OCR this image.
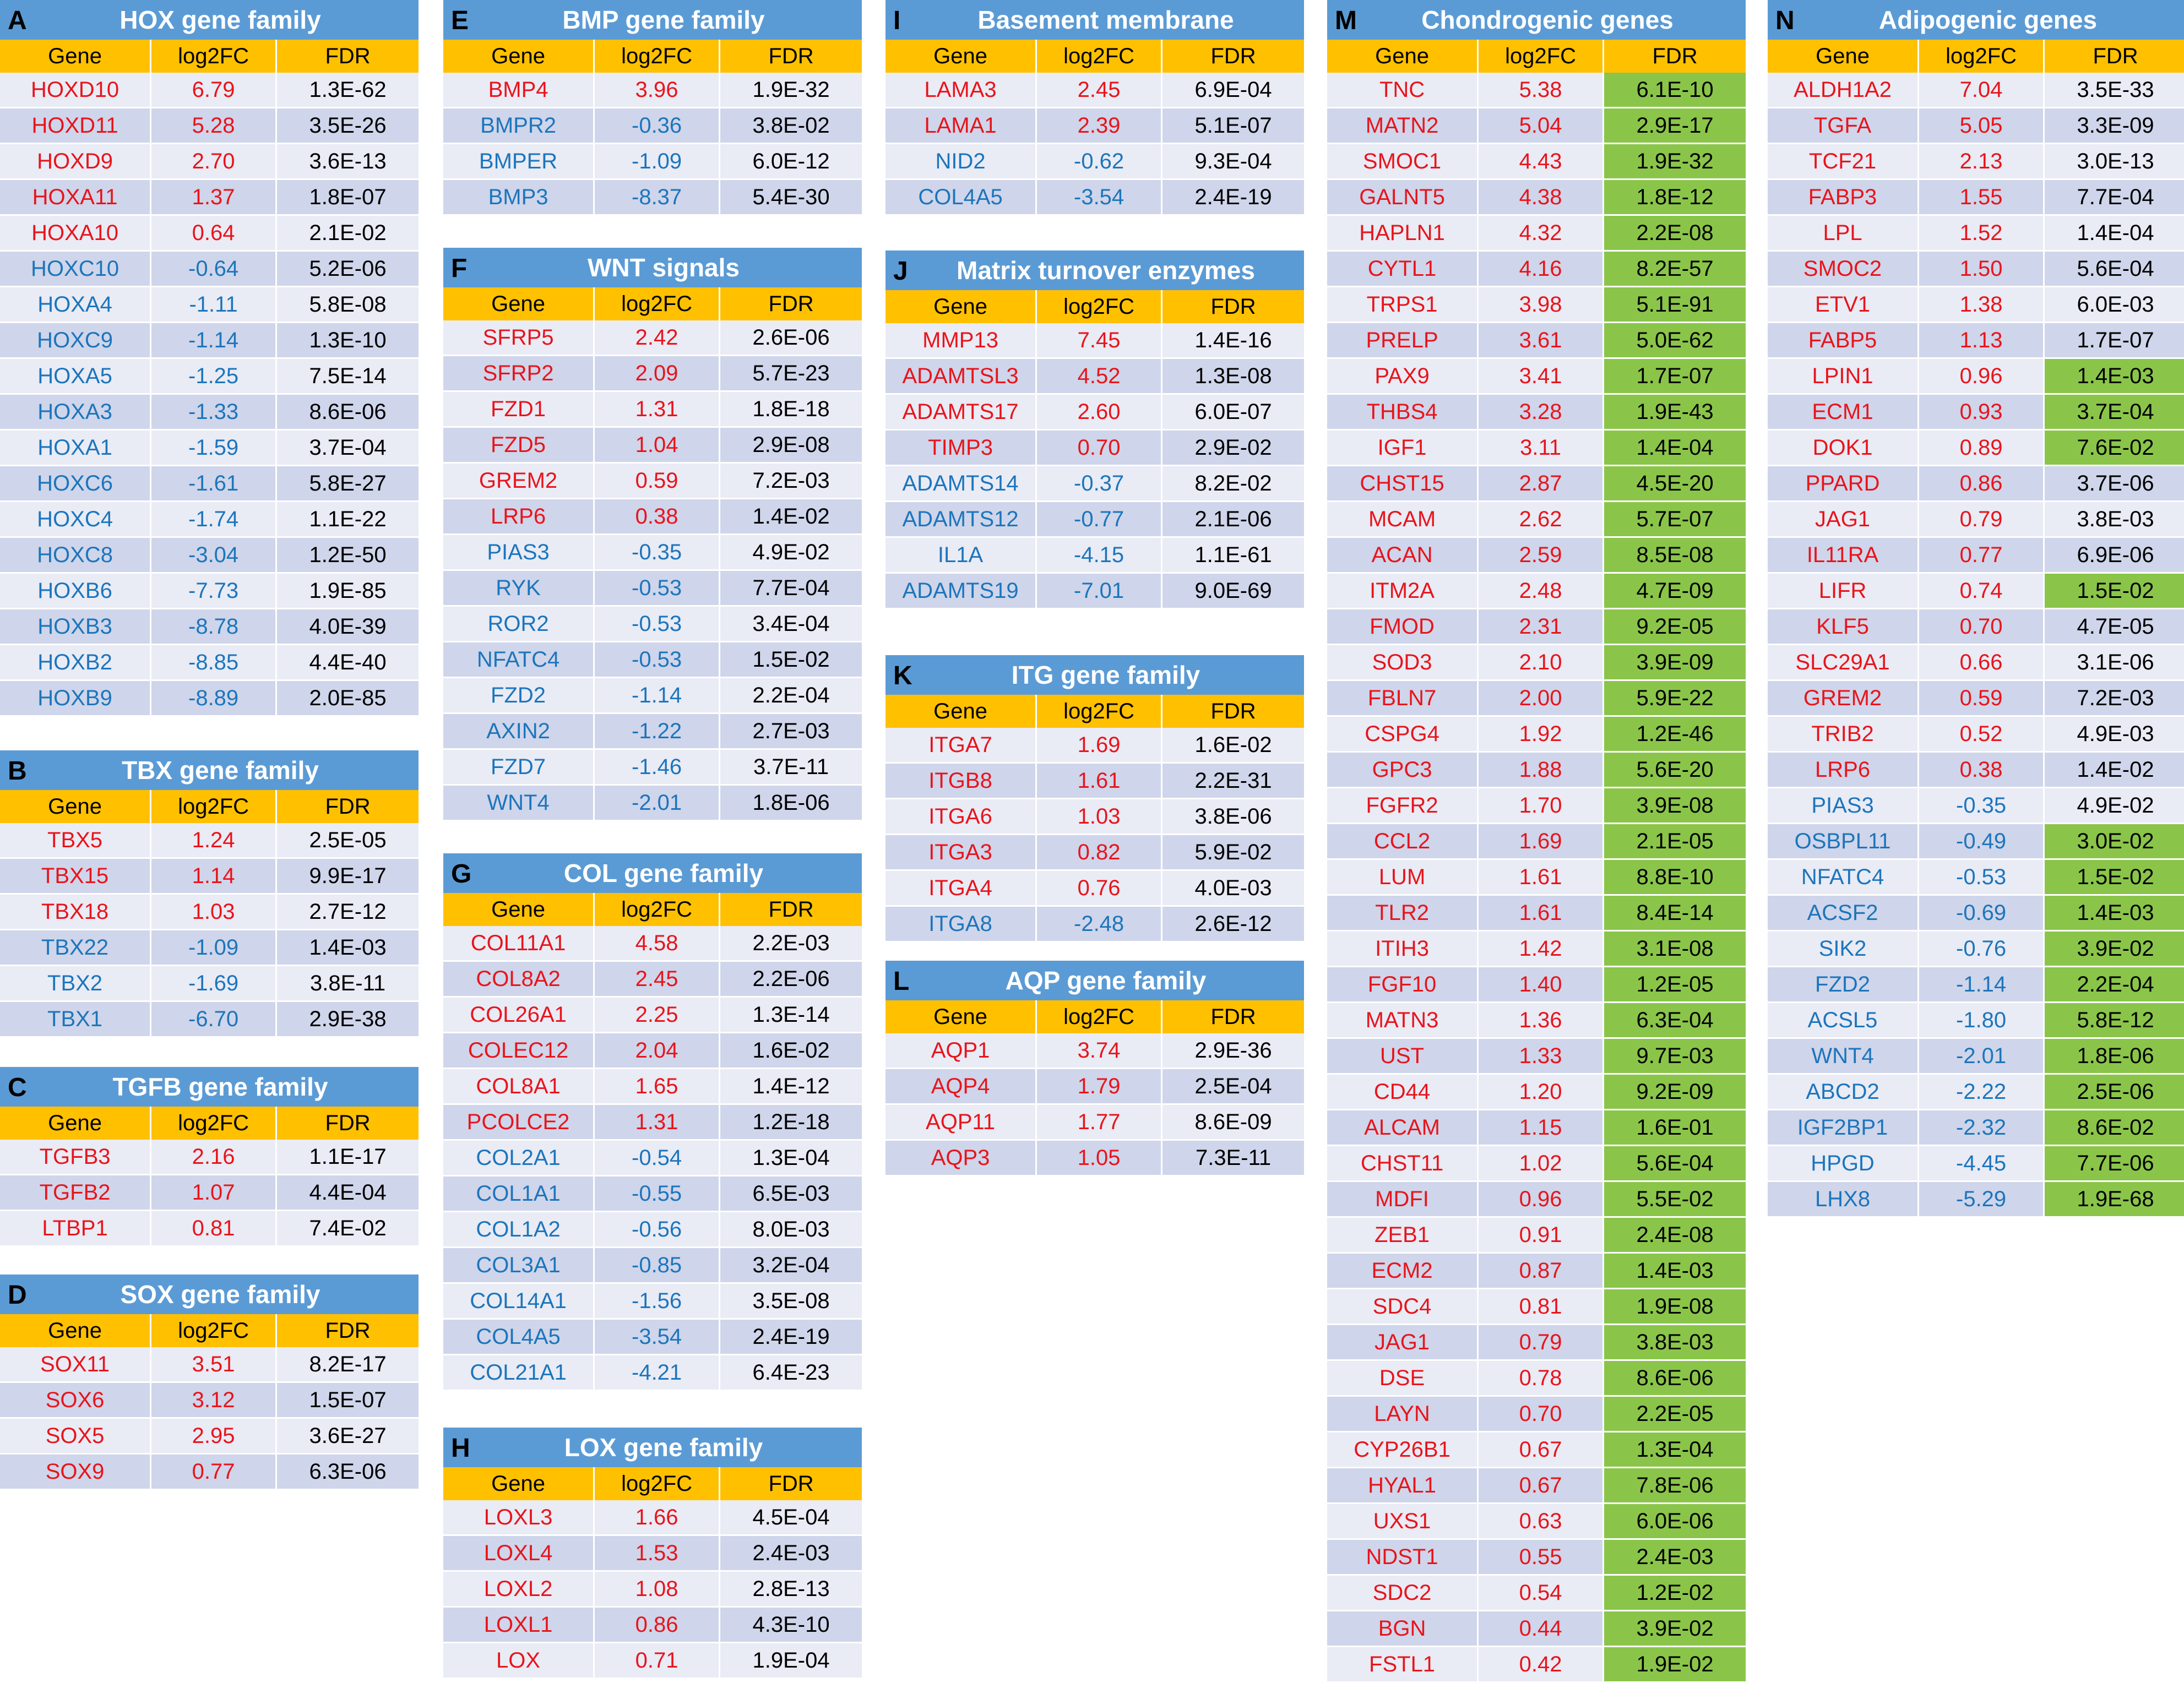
A	HOX gene family
Gene	log2FC	FDR
HOXD10	6.79	1.3E-62
HOXD11	5.28	3.5E-26
HOXD9	2.70	3.6E-13
HOXA11	1.37	1.8E-07
HOXA10	0.64	2.1E-02
HOXC10	-0.64	5.2E-06
HOXA4	-1.11	5.8E-08
HOXC9	-1.14	1.3E-10
HOXA5	-1.25	7.5E-14
HOXA3	-1.33	8.6E-06
HOXA1	-1.59	3.7E-04
HOXC6	-1.61	5.8E-27
HOXC4	-1.74	1.1E-22
HOXC8	-3.04	1.2E-50
HOXB6	-7.73	1.9E-85
HOXB3	-8.78	4.0E-39
HOXB2	-8.85	4.4E-40
HOXB9	-8.89	2.0E-85
B	TBX gene family
Gene	log2FC	FDR
TBX5	1.24	2.5E-05
TBX15	1.14	9.9E-17
TBX18	1.03	2.7E-12
TBX22	-1.09	1.4E-03
TBX2	-1.69	3.8E-11
TBX1	-6.70	2.9E-38
C	TGFB gene family
Gene	log2FC	FDR
TGFB3	2.16	1.1E-17
TGFB2	1.07	4.4E-04
LTBP1	0.81	7.4E-02
D	SOX gene family
Gene	log2FC	FDR
SOX11	3.51	8.2E-17
SOX6	3.12	1.5E-07
SOX5	2.95	3.6E-27
SOX9	0.77	6.3E-06
E	BMP gene family
Gene	log2FC	FDR
BMP4	3.96	1.9E-32
BMPR2	-0.36	3.8E-02
BMPER	-1.09	6.0E-12
BMP3	-8.37	5.4E-30
F	WNT signals
Gene	log2FC	FDR
SFRP5	2.42	2.6E-06
SFRP2	2.09	5.7E-23
FZD1	1.31	1.8E-18
FZD5	1.04	2.9E-08
GREM2	0.59	7.2E-03
LRP6	0.38	1.4E-02
PIAS3	-0.35	4.9E-02
RYK	-0.53	7.7E-04
ROR2	-0.53	3.4E-04
NFATC4	-0.53	1.5E-02
FZD2	-1.14	2.2E-04
AXIN2	-1.22	2.7E-03
FZD7	-1.46	3.7E-11
WNT4	-2.01	1.8E-06
G	COL gene family
Gene	log2FC	FDR
COL11A1	4.58	2.2E-03
COL8A2	2.45	2.2E-06
COL26A1	2.25	1.3E-14
COLEC12	2.04	1.6E-02
COL8A1	1.65	1.4E-12
PCOLCE2	1.31	1.2E-18
COL2A1	-0.54	1.3E-04
COL1A1	-0.55	6.5E-03
COL1A2	-0.56	8.0E-03
COL3A1	-0.85	3.2E-04
COL14A1	-1.56	3.5E-08
COL4A5	-3.54	2.4E-19
COL21A1	-4.21	6.4E-23
H	LOX gene family
Gene	log2FC	FDR
LOXL3	1.66	4.5E-04
LOXL4	1.53	2.4E-03
LOXL2	1.08	2.8E-13
LOXL1	0.86	4.3E-10
LOX	0.71	1.9E-04
I	Basement membrane
Gene	log2FC	FDR
LAMA3	2.45	6.9E-04
LAMA1	2.39	5.1E-07
NID2	-0.62	9.3E-04
COL4A5	-3.54	2.4E-19
J	Matrix turnover enzymes
Gene	log2FC	FDR
MMP13	7.45	1.4E-16
ADAMTSL3	4.52	1.3E-08
ADAMTS17	2.60	6.0E-07
TIMP3	0.70	2.9E-02
ADAMTS14	-0.37	8.2E-02
ADAMTS12	-0.77	2.1E-06
IL1A	-4.15	1.1E-61
ADAMTS19	-7.01	9.0E-69
K	ITG gene family
Gene	log2FC	FDR
ITGA7	1.69	1.6E-02
ITGB8	1.61	2.2E-31
ITGA6	1.03	3.8E-06
ITGA3	0.82	5.9E-02
ITGA4	0.76	4.0E-03
ITGA8	-2.48	2.6E-12
L	AQP gene family
Gene	log2FC	FDR
AQP1	3.74	2.9E-36
AQP4	1.79	2.5E-04
AQP11	1.77	8.6E-09
AQP3	1.05	7.3E-11
M	Chondrogenic genes
Gene	log2FC	FDR
TNC	5.38	6.1E-10
MATN2	5.04	2.9E-17
SMOC1	4.43	1.9E-32
GALNT5	4.38	1.8E-12
HAPLN1	4.32	2.2E-08
CYTL1	4.16	8.2E-57
TRPS1	3.98	5.1E-91
PRELP	3.61	5.0E-62
PAX9	3.41	1.7E-07
THBS4	3.28	1.9E-43
IGF1	3.11	1.4E-04
CHST15	2.87	4.5E-20
MCAM	2.62	5.7E-07
ACAN	2.59	8.5E-08
ITM2A	2.48	4.7E-09
FMOD	2.31	9.2E-05
SOD3	2.10	3.9E-09
FBLN7	2.00	5.9E-22
CSPG4	1.92	1.2E-46
GPC3	1.88	5.6E-20
FGFR2	1.70	3.9E-08
CCL2	1.69	2.1E-05
LUM	1.61	8.8E-10
TLR2	1.61	8.4E-14
ITIH3	1.42	3.1E-08
FGF10	1.40	1.2E-05
MATN3	1.36	6.3E-04
UST	1.33	9.7E-03
CD44	1.20	9.2E-09
ALCAM	1.15	1.6E-01
CHST11	1.02	5.6E-04
MDFI	0.96	5.5E-02
ZEB1	0.91	2.4E-08
ECM2	0.87	1.4E-03
SDC4	0.81	1.9E-08
JAG1	0.79	3.8E-03
DSE	0.78	8.6E-06
LAYN	0.70	2.2E-05
CYP26B1	0.67	1.3E-04
HYAL1	0.67	7.8E-06
UXS1	0.63	6.0E-06
NDST1	0.55	2.4E-03
SDC2	0.54	1.2E-02
BGN	0.44	3.9E-02
FSTL1	0.42	1.9E-02
N	Adipogenic genes
Gene	log2FC	FDR
ALDH1A2	7.04	3.5E-33
TGFA	5.05	3.3E-09
TCF21	2.13	3.0E-13
FABP3	1.55	7.7E-04
LPL	1.52	1.4E-04
SMOC2	1.50	5.6E-04
ETV1	1.38	6.0E-03
FABP5	1.13	1.7E-07
LPIN1	0.96	1.4E-03
ECM1	0.93	3.7E-04
DOK1	0.89	7.6E-02
PPARD	0.86	3.7E-06
JAG1	0.79	3.8E-03
IL11RA	0.77	6.9E-06
LIFR	0.74	1.5E-02
KLF5	0.70	4.7E-05
SLC29A1	0.66	3.1E-06
GREM2	0.59	7.2E-03
TRIB2	0.52	4.9E-03
LRP6	0.38	1.4E-02
PIAS3	-0.35	4.9E-02
OSBPL11	-0.49	3.0E-02
NFATC4	-0.53	1.5E-02
ACSF2	-0.69	1.4E-03
SIK2	-0.76	3.9E-02
FZD2	-1.14	2.2E-04
ACSL5	-1.80	5.8E-12
WNT4	-2.01	1.8E-06
ABCD2	-2.22	2.5E-06
IGF2BP1	-2.32	8.6E-02
HPGD	-4.45	7.7E-06
LHX8	-5.29	1.9E-68
